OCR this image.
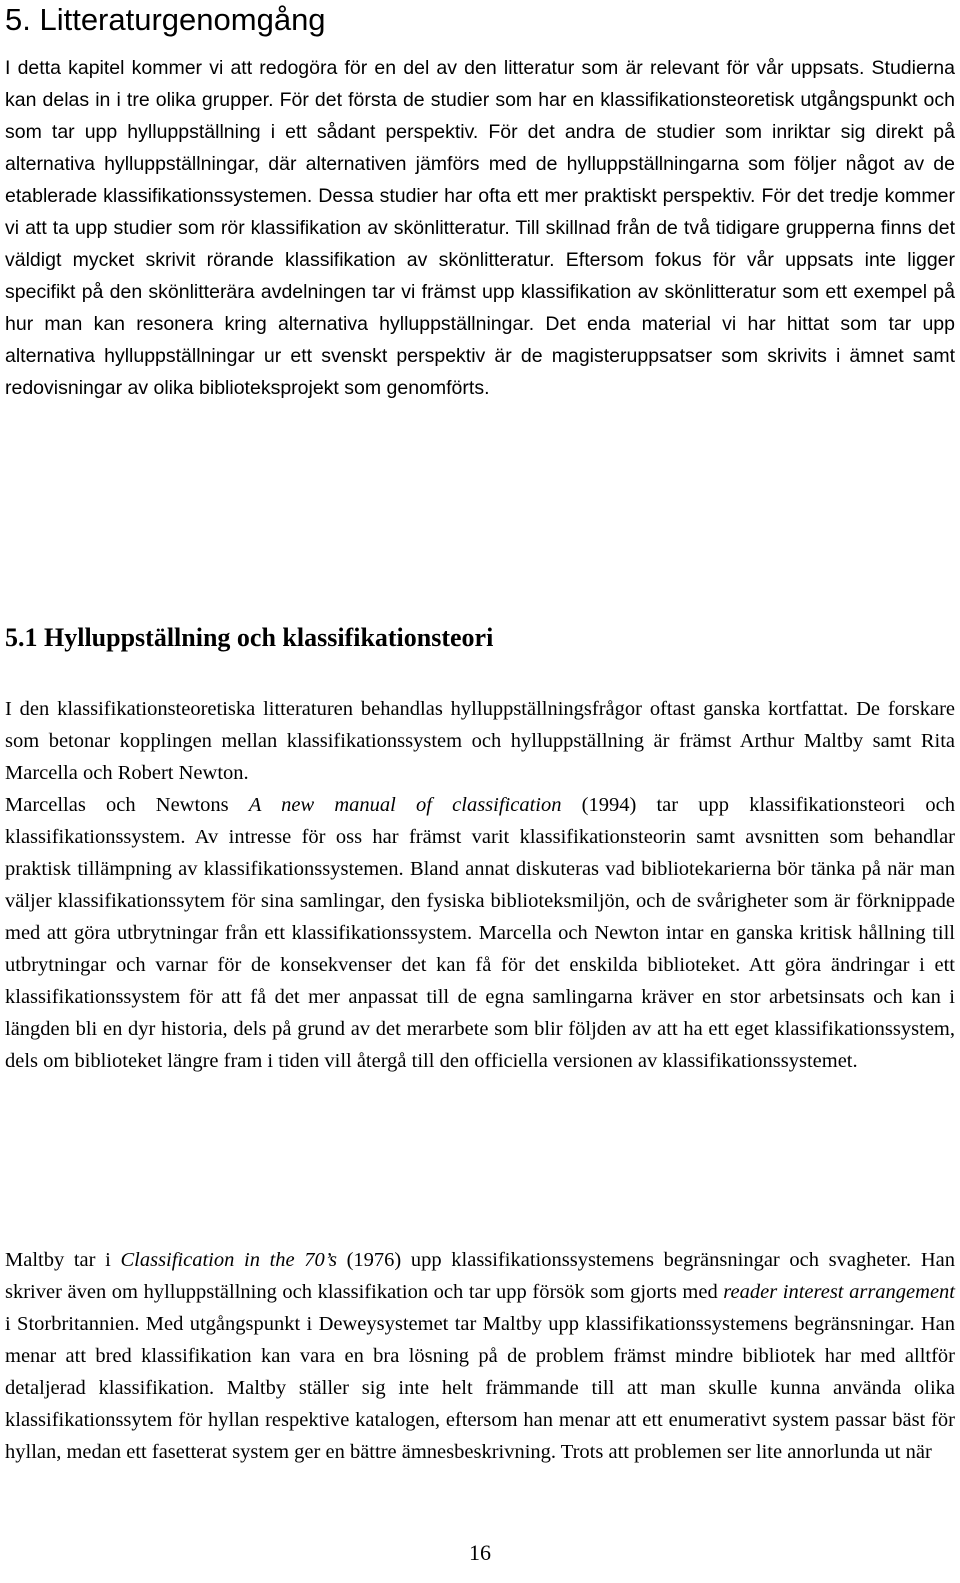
5. Litteraturgenomgång

I detta kapitel kommer vi att redogöra för en del av den litteratur som är relevant för vår uppsats. Studierna kan delas in i tre olika grupper. För det första de studier som har en klassifikationsteoretisk utgångspunkt och som tar upp hylluppställning i ett sådant perspektiv. För det andra de studier som inriktar sig direkt på alternativa hylluppställningar, där alternativen jämförs med de hylluppställningarna som följer något av de etablerade klassifikationssystemen. Dessa studier har ofta ett mer praktiskt perspektiv. För det tredje kommer vi att ta upp studier som rör klassifikation av skönlitteratur. Till skillnad från de två tidigare grupperna finns det väldigt mycket skrivit rörande klassifikation av skönlitteratur. Eftersom fokus för vår uppsats inte ligger specifikt på den skönlitterära avdelningen tar vi främst upp klassifikation av skönlitteratur som ett exempel på hur man kan resonera kring alternativa hylluppställningar. Det enda material vi har hittat som tar upp alternativa hylluppställningar ur ett svenskt perspektiv är de magisteruppsatser som skrivits i ämnet samt redovisningar av olika biblioteksprojekt som genomförts.

5.1 Hylluppställning och klassifikationsteori

I den klassifikationsteoretiska litteraturen behandlas hylluppställningsfrågor oftast ganska kortfattat. De forskare som betonar kopplingen mellan klassifikationssystem och hylluppställning är främst Arthur Maltby samt Rita Marcella och Robert Newton.

Marcellas och Newtons A new manual of classification (1994) tar upp klassifikationsteori och klassifikationssystem. Av intresse för oss har främst varit klassifikationsteorin samt avsnitten som behandlar praktisk tillämpning av klassifikationssystemen. Bland annat diskuteras vad bibliotekarierna bör tänka på när man väljer klassifikationssytem för sina samlingar, den fysiska biblioteksmiljön, och de svårigheter som är förknippade med att göra utbrytningar från ett klassifikationssystem. Marcella och Newton intar en ganska kritisk hållning till utbrytningar och varnar för de konsekvenser det kan få för det enskilda biblioteket. Att göra ändringar i ett klassifikationssystem för att få det mer anpassat till de egna samlingarna kräver en stor arbetsinsats och kan i längden bli en dyr historia, dels på grund av det merarbete som blir följden av att ha ett eget klassifikationssystem, dels om biblioteket längre fram i tiden vill återgå till den officiella versionen av klassifikationssystemet.

Maltby tar i Classification in the 70’s (1976) upp klassifikationssystemens begränsningar och svagheter. Han skriver även om hylluppställning och klassifikation och tar upp försök som gjorts med reader interest arrangement i Storbritannien. Med utgångspunkt i Deweysystemet tar Maltby upp klassifikationssystemens begränsningar. Han menar att bred klassifikation kan vara en bra lösning på de problem främst mindre bibliotek har med alltför detaljerad klassifikation. Maltby ställer sig inte helt främmande till att man skulle kunna använda olika klassifikationssytem för hyllan respektive katalogen, eftersom han menar att ett enumerativt system passar bäst för hyllan, medan ett fasetterat system ger en bättre ämnesbeskrivning. Trots att problemen ser lite annorlunda ut när

16
